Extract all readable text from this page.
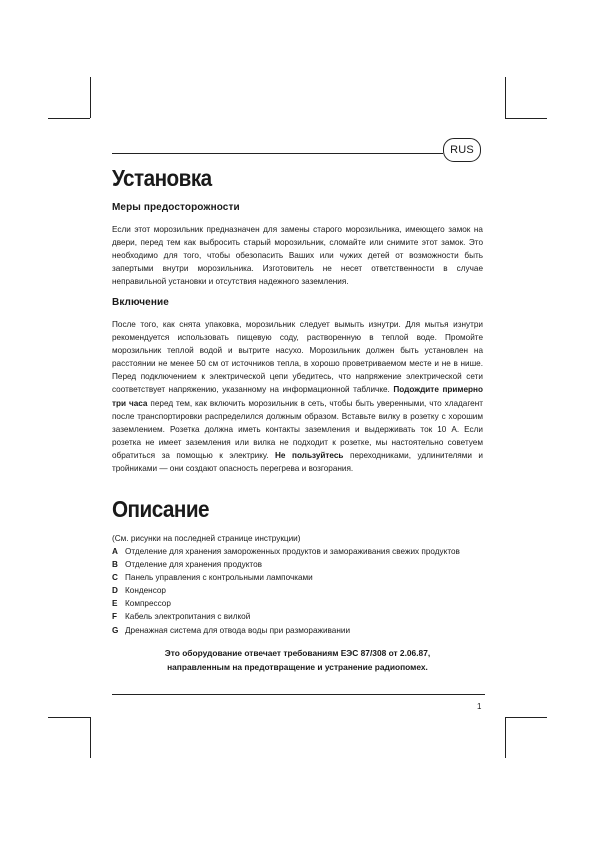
RUS
Установка
Меры предосторожности

Если этот морозильник предназначен для замены старого морозильника, имеющего замок на двери, перед тем как выбросить старый морозильник, сломайте или снимите этот замок. Это необходимо для того, чтобы обезопасить Ваших или чужих детей от возможности быть запертыми внутри морозильника. Изготовитель не несет ответственности в случае неправильной установки и отсутствия надежного заземления.

Включение

После того, как снята упаковка, морозильник следует вымыть изнутри. Для мытья изнутри рекомендуется использовать пищевую соду, растворенную в теплой воде. Промойте морозильник теплой водой и вытрите насухо. Морозильник должен быть установлен на расстоянии не менее 50 см от источников тепла, в хорошо проветриваемом месте и не в нише. Перед подключением к электрической цепи убедитесь, что напряжение электрической сети соответствует напряжению, указанному на информационной табличке. Подождите примерно три часа перед тем, как включить морозильник в сеть, чтобы быть уверенными, что хладагент после транспортировки распределился должным образом. Вставьте вилку в розетку с хорошим заземлением. Розетка должна иметь контакты заземления и выдерживать ток 10 А. Если розетка не имеет заземления или вилка не подходит к розетке, мы настоятельно советуем обратиться за помощью к электрику. Не пользуйтесь переходниками, удлинителями и тройниками — они создают опасность перегрева и возгорания.

Описание

(См. рисунки на последней странице инструкции)

A Отделение для хранения замороженных продуктов и замораживания свежих продуктов
B Отделение для хранения продуктов
C Панель управления с контрольными лампочками
D Конденсор
E Компрессор
F Кабель электропитания с вилкой
G Дренажная система для отвода воды при размораживании

Это оборудование отвечает требованиям ЕЭС 87/308 от 2.06.87,
направленным на предотвращение и устранение радиопомех.

1
